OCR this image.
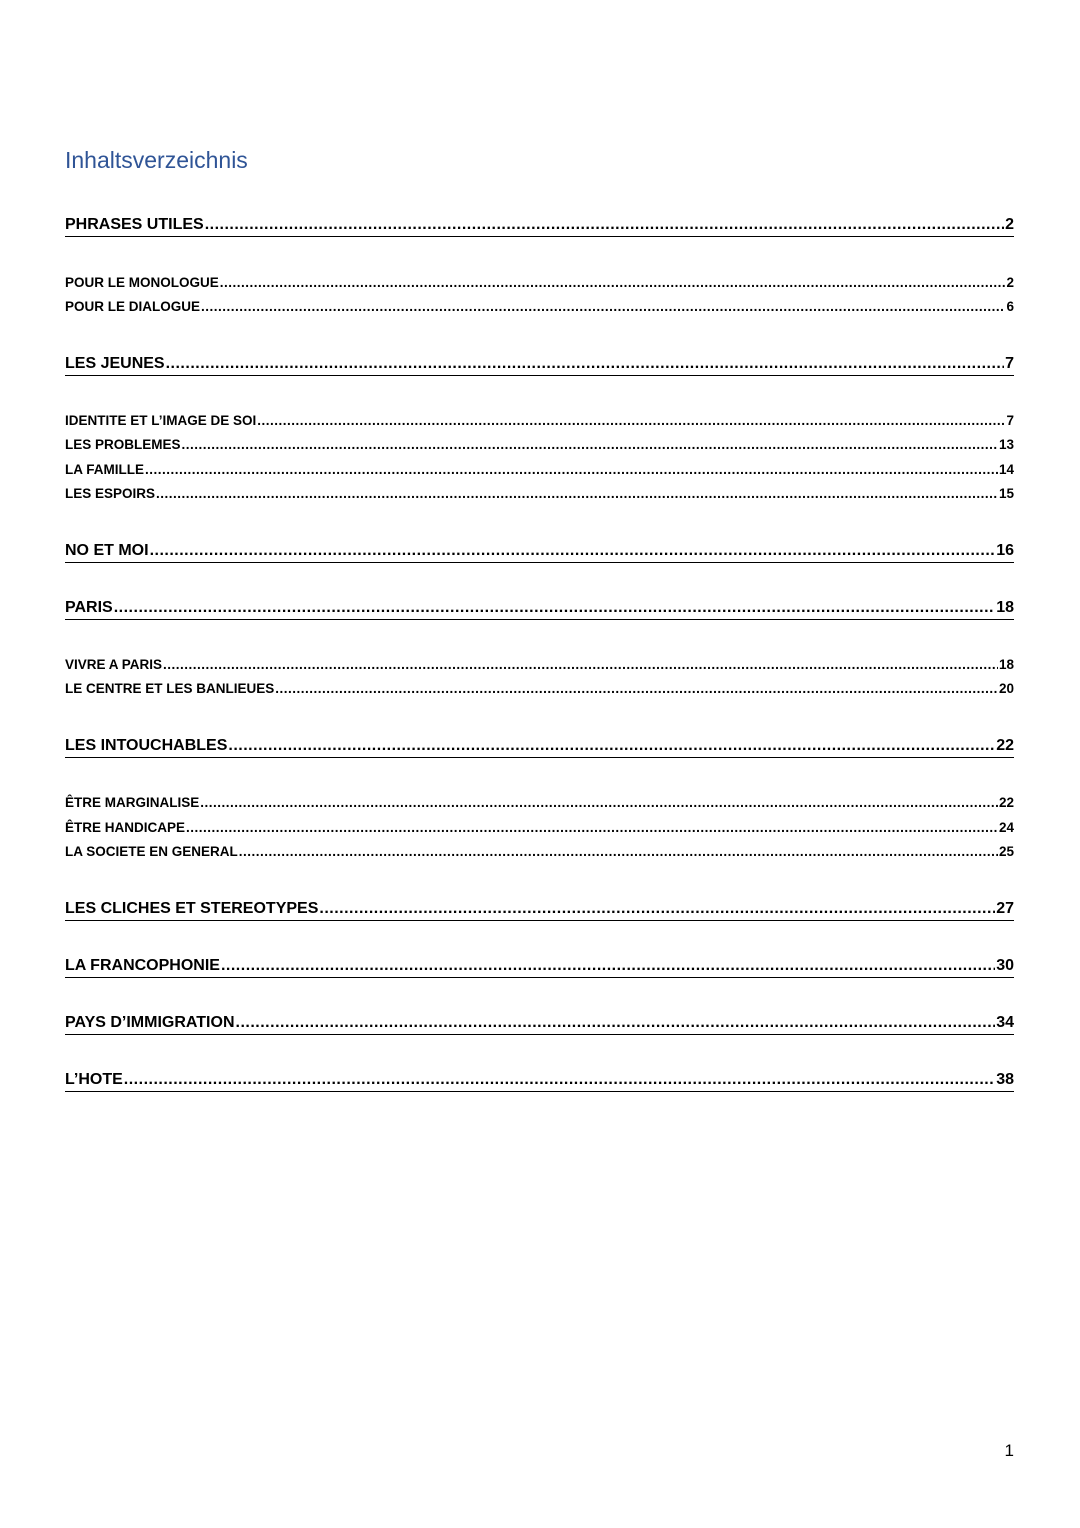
Inhaltsverzeichnis
PHRASES UTILES .....	2
POUR LE MONOLOGUE .....	2
POUR LE DIALOGUE .....	6
LES JEUNES .....	7
IDENTITE ET L’IMAGE DE SOI .....	7
LES PROBLEMES .....	13
LA FAMILLE .....	14
LES ESPOIRS .....	15
NO ET MOI .....	16
PARIS .....	18
VIVRE A PARIS .....	18
LE CENTRE ET LES BANLIEUES .....	20
LES INTOUCHABLES .....	22
ÊTRE MARGINALISE .....	22
ÊTRE HANDICAPE .....	24
LA SOCIETE EN GENERAL .....	25
LES CLICHES ET STEREOTYPES .....	27
LA FRANCOPHONIE .....	30
PAYS D’IMMIGRATION .....	34
L’HOTE .....	38
1
